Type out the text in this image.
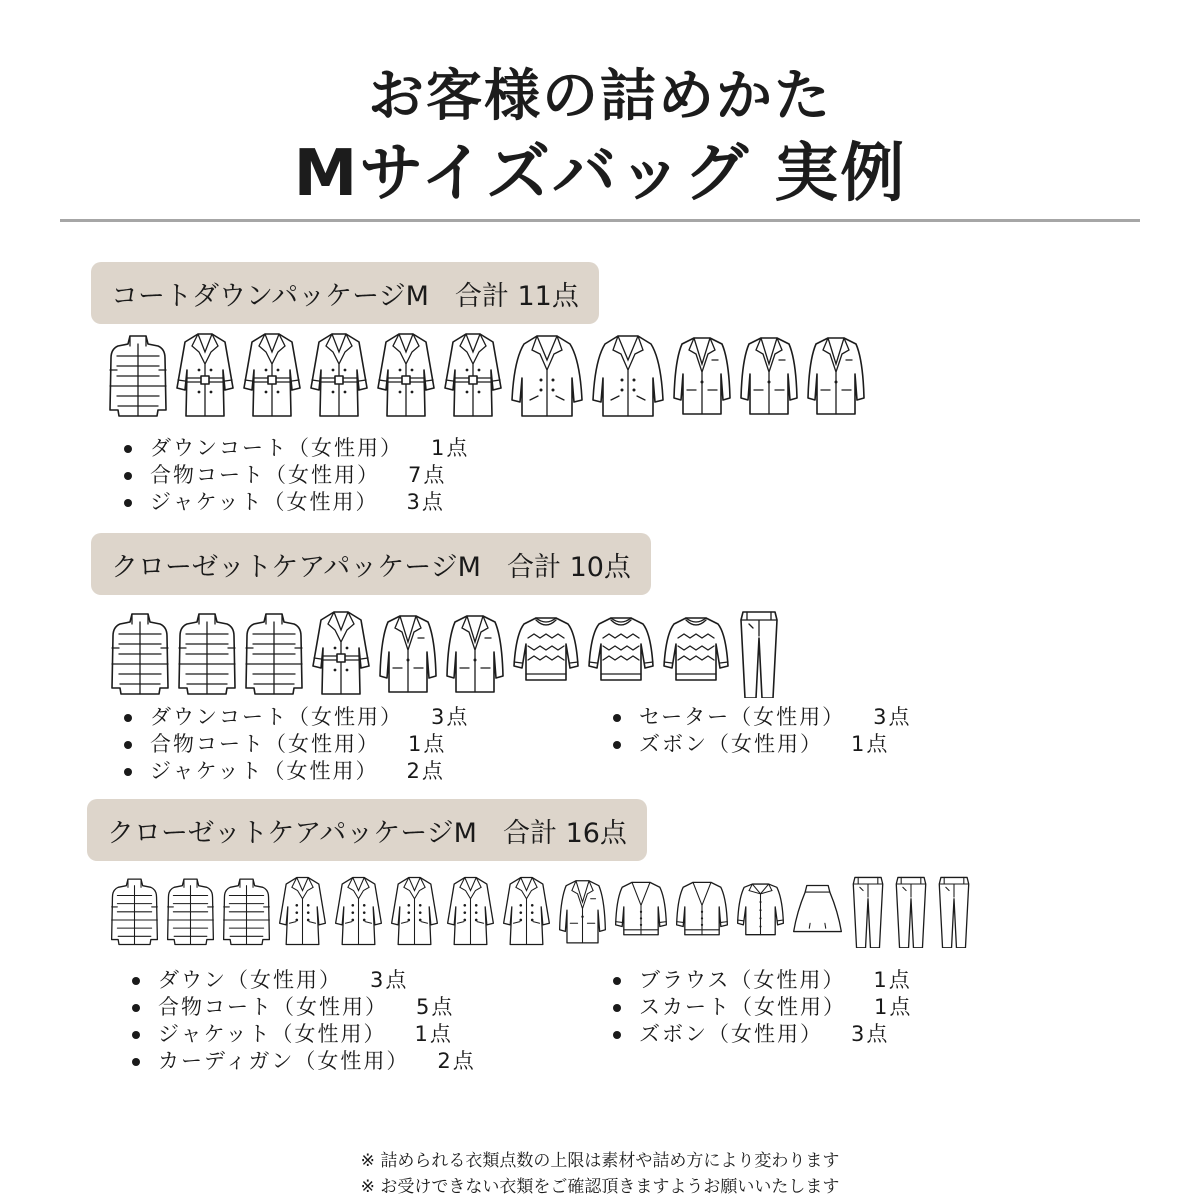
お客様の詰めかた
Mサイズバッグ 実例
コートダウンパッケージM 合計 11点
ダウンコート（女性用） 1点
合物コート（女性用） 7点
ジャケット（女性用） 3点
クローゼットケアパッケージM 合計 10点
ダウンコート（女性用） 3点
合物コート（女性用） 1点
ジャケット（女性用） 2点
セーター（女性用） 3点
ズボン（女性用） 1点
クローゼットケアパッケージM 合計 16点
ダウン（女性用） 3点
合物コート（女性用） 5点
ジャケット（女性用） 1点
カーディガン（女性用） 2点
ブラウス（女性用） 1点
スカート（女性用） 1点
ズボン（女性用） 3点
※ 詰められる衣類点数の上限は素材や詰め方により変わります
※ お受けできない衣類をご確認頂きますようお願いいたします
